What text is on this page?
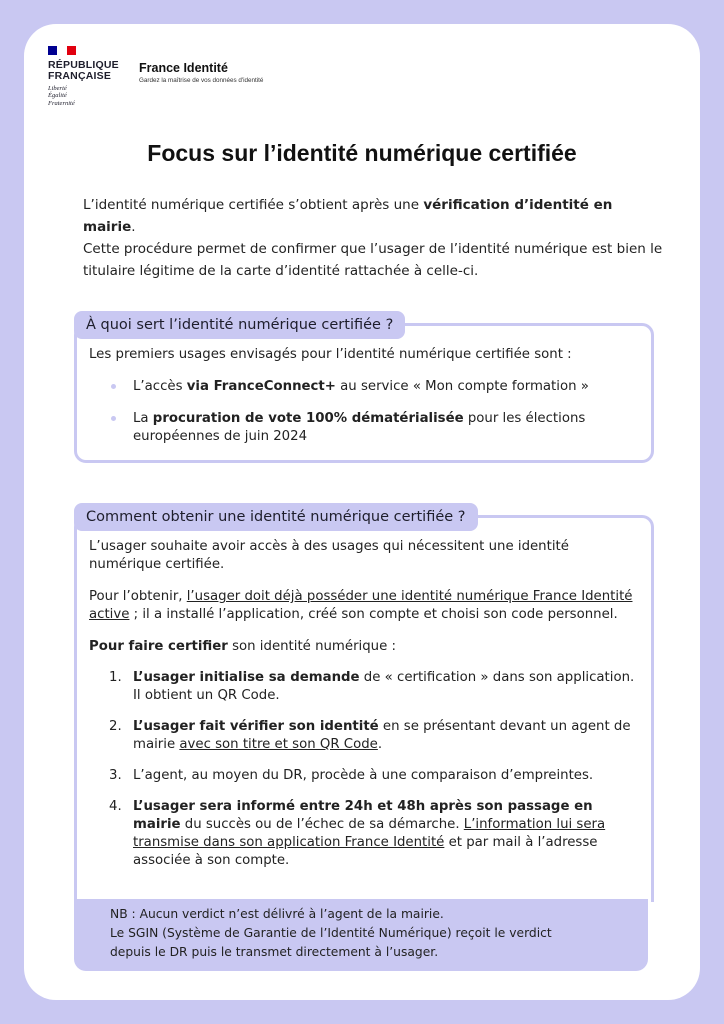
RÉPUBLIQUE
FRANÇAISE
Liberté
Égalité
Fraternité
France Identité
Gardez la maîtrise de vos données d'identité
Focus sur l’identité numérique certifiée

L’identité numérique certifiée s’obtient après une vérification d’identité en mairie.

Cette procédure permet de confirmer que l’usager de l’identité numérique est bien le titulaire légitime de la carte d’identité rattachée à celle-ci.

À quoi sert l’identité numérique certifiée ?

Les premiers usages envisagés pour l’identité numérique certifiée sont :

L’accès via FranceConnect+ au service « Mon compte formation »
La procuration de vote 100% dématérialisée pour les élections européennes de juin 2024
Comment obtenir une identité numérique certifiée ?

L’usager souhaite avoir accès à des usages qui nécessitent une identité numérique certifiée.

Pour l’obtenir, l’usager doit déjà posséder une identité numérique France Identité active ; il a installé l’application, créé son compte et choisi son code personnel.

Pour faire certifier son identité numérique :

1. L’usager initialise sa demande de « certification » dans son application. Il obtient un QR Code.
2. L’usager fait vérifier son identité en se présentant devant un agent de mairie avec son titre et son QR Code.
3. L’agent, au moyen du DR, procède à une comparaison d’empreintes.
4. L’usager sera informé entre 24h et 48h après son passage en mairie du succès ou de l’échec de sa démarche. L’information lui sera transmise dans son application France Identité et par mail à l’adresse associée à son compte.
NB : Aucun verdict n’est délivré à l’agent de la mairie.
Le SGIN (Système de Garantie de l’Identité Numérique) reçoit le verdict
depuis le DR puis le transmet directement à l’usager.
